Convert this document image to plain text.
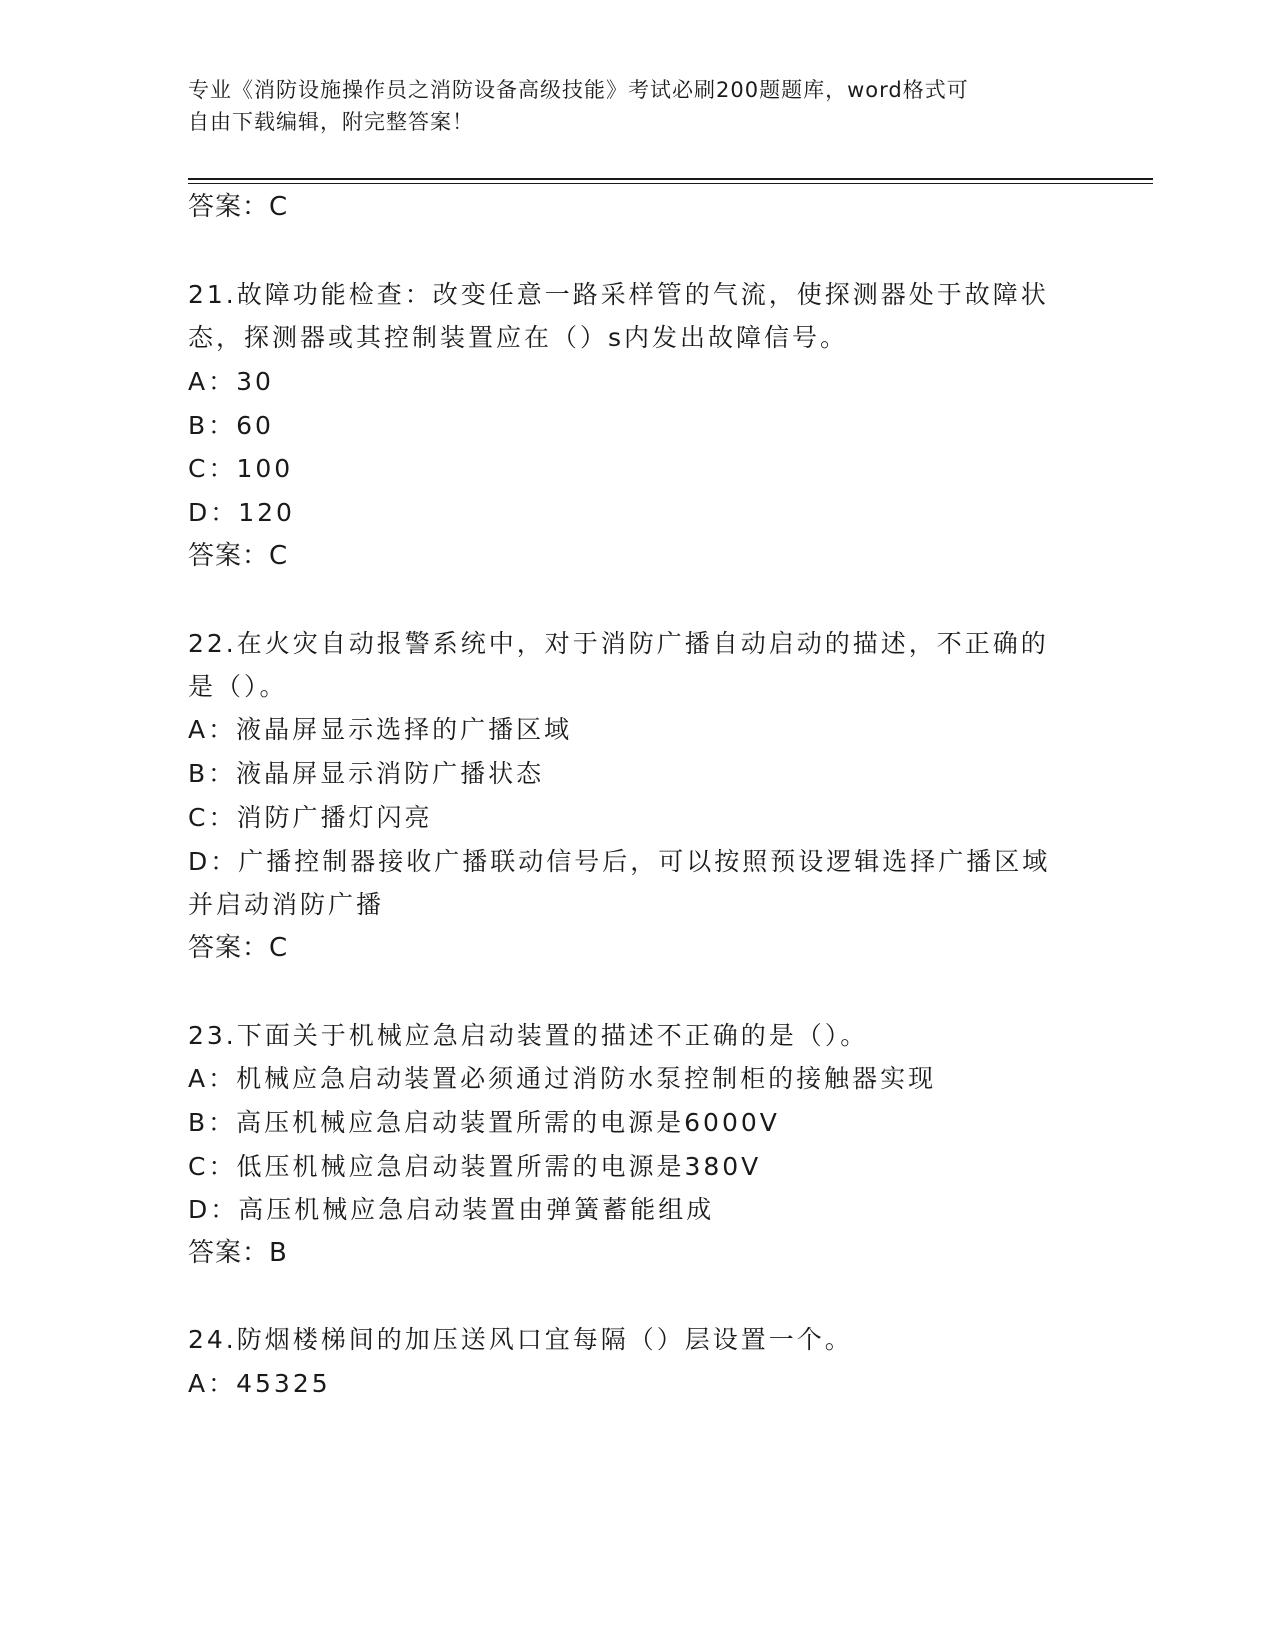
专业《消防设施操作员之消防设备高级技能》考试必刷200题题库，word格式可
自由下载编辑，附完整答案！
答案：C
21.故障功能检查：改变任意一路采样管的气流，使探测器处于故障状
态，探测器或其控制装置应在（）s内发出故障信号。
A：30
B：60
C：100
D：120
答案：C
22.在火灾自动报警系统中，对于消防广播自动启动的描述，不正确的
是（）。
A：液晶屏显示选择的广播区域
B：液晶屏显示消防广播状态
C：消防广播灯闪亮
D：广播控制器接收广播联动信号后，可以按照预设逻辑选择广播区域
并启动消防广播
答案：C
23.下面关于机械应急启动装置的描述不正确的是（）。
A：机械应急启动装置必须通过消防水泵控制柜的接触器实现
B：高压机械应急启动装置所需的电源是6000V
C：低压机械应急启动装置所需的电源是380V
D：高压机械应急启动装置由弹簧蓄能组成
答案：B
24.防烟楼梯间的加压送风口宜每隔（）层设置一个。
A：45325
